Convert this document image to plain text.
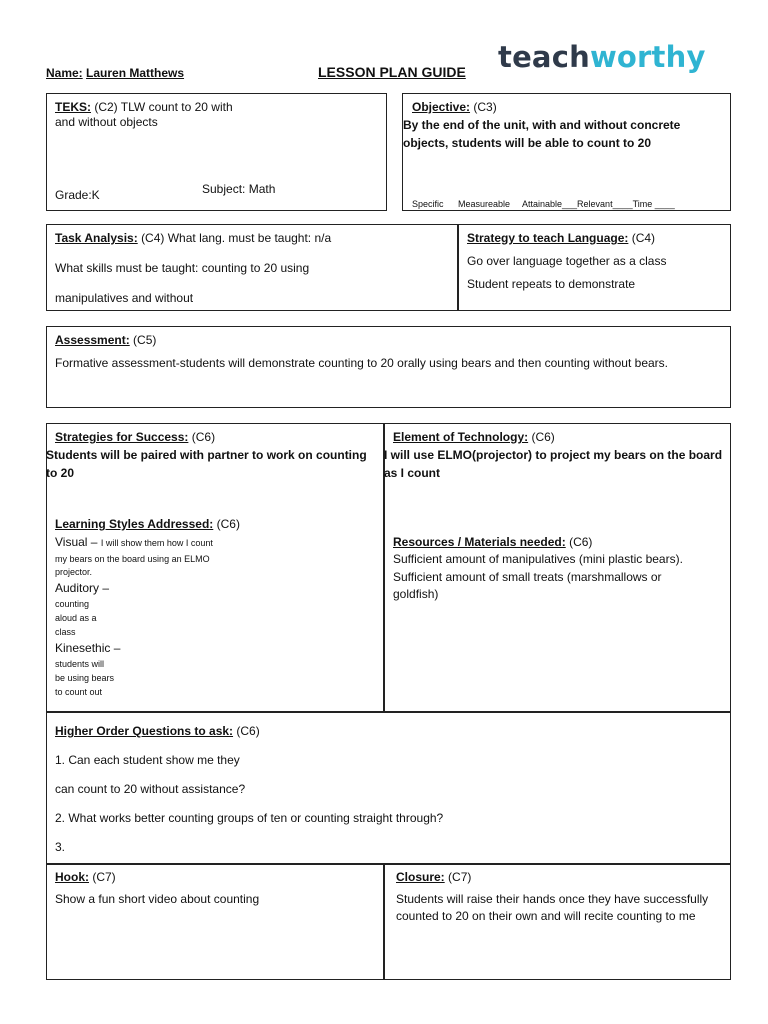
Name: Lauren Matthews	LESSON PLAN GUIDE teachworthy
TEKS: (C2) TLW count to 20 with
and without objects
Grade:K	Subject: Math
Objective: (C3)
By the end of the unit, with and without concrete
objects, students will be able to count to 20
Specific Measureable Attainable___Relevant____Time ____
Task Analysis: (C4) What lang. must be taught: n/a
What skills must be taught: counting to 20 using
manipulatives and without
Strategy to teach Language: (C4)
Go over language together as a class
Student repeats to demonstrate
Assessment: (C5)
Formative assessment-students will demonstrate counting to 20 orally using bears and then counting without bears.
Strategies for Success: (C6)
Students will be paired with partner to work on counting
to 20
Learning Styles Addressed: (C6)
Visual – I will show them how I count
my bears on the board using an ELMO
projector.
Auditory –
counting
aloud as a
class
Kinesethic –
students will
be using bears
to count out
Element of Technology: (C6)
I will use ELMO(projector) to project my bears on the board
as I count
Resources / Materials needed: (C6)
Sufficient amount of manipulatives (mini plastic bears).
Sufficient amount of small treats (marshmallows or
goldfish)
Higher Order Questions to ask: (C6)
1. Can each student show me they
can count to 20 without assistance?
2. What works better counting groups of ten or counting straight through?
3.
Hook: (C7)
Show a fun short video about counting
Closure: (C7)
Students will raise their hands once they have successfully
counted to 20 on their own and will recite counting to me
